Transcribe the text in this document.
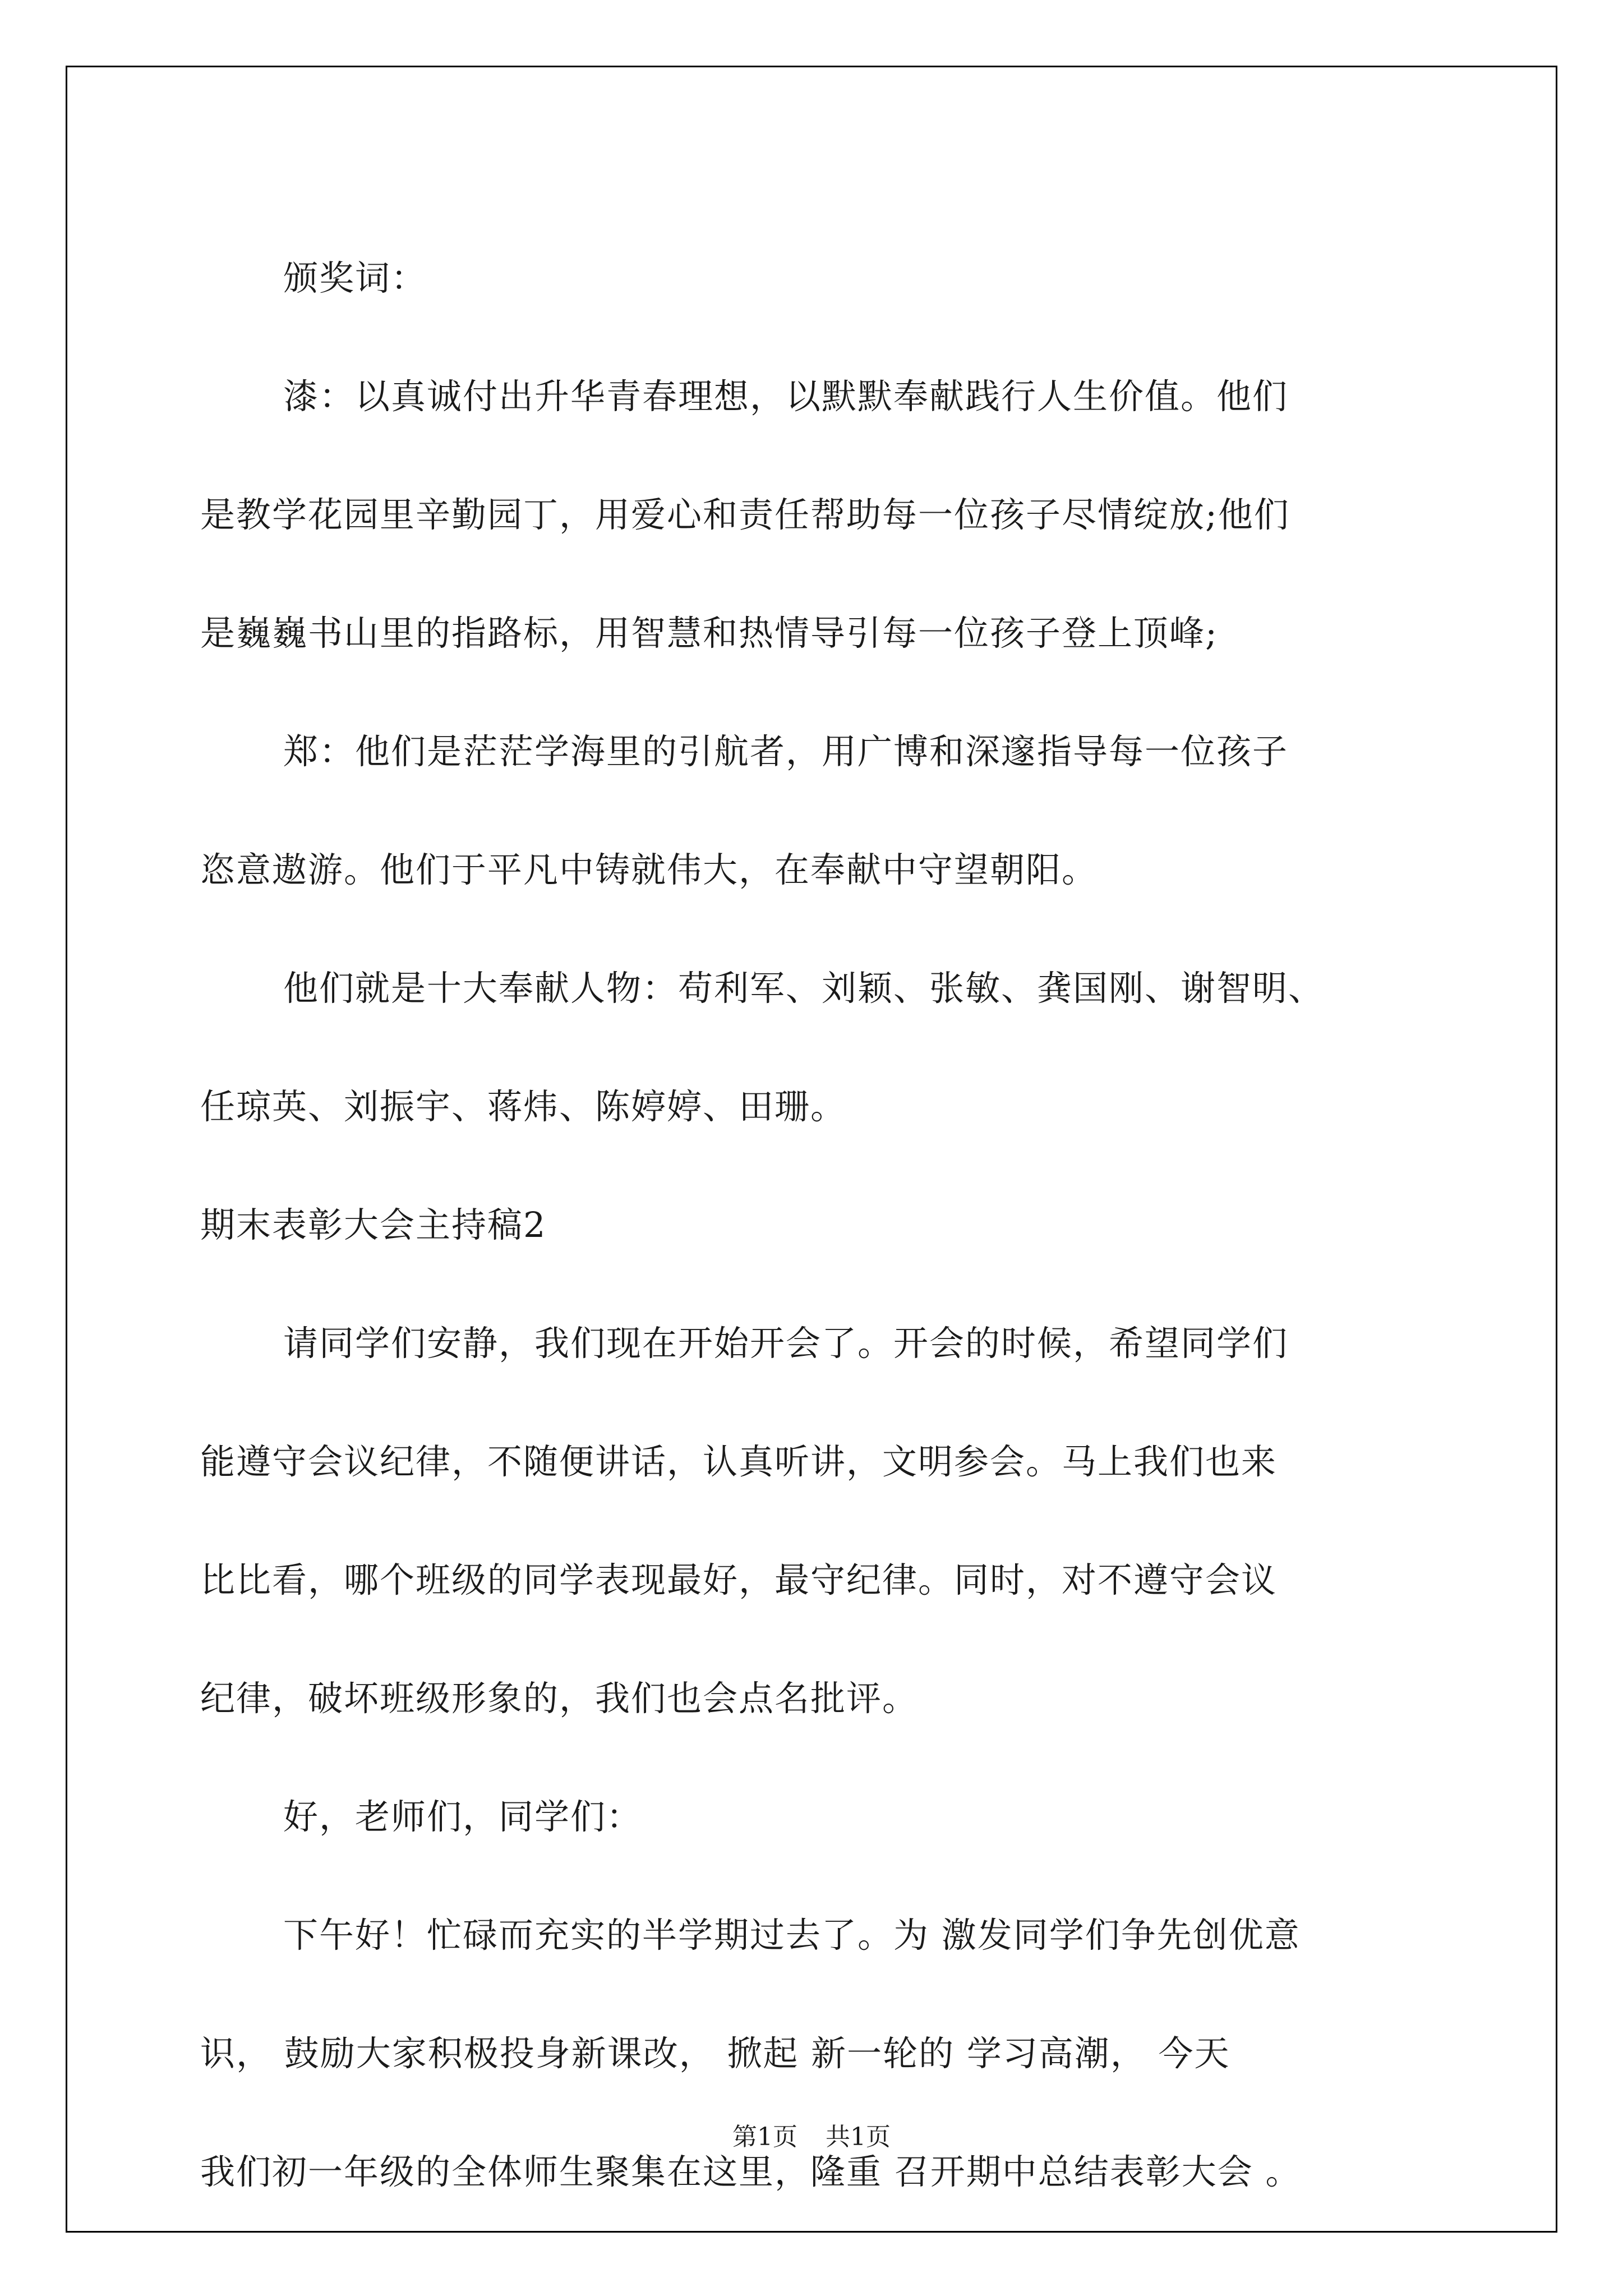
颁奖词：

漆：以真诚付出升华青春理想，以默默奉献践行人生价值。他们

是教学花园里辛勤园丁，用爱心和责任帮助每一位孩子尽情绽放;他们

是巍巍书山里的指路标，用智慧和热情导引每一位孩子登上顶峰;

郑：他们是茫茫学海里的引航者，用广博和深邃指导每一位孩子

恣意遨游。他们于平凡中铸就伟大，在奉献中守望朝阳。

他们就是十大奉献人物：苟利军、刘颖、张敏、龚国刚、谢智明、

任琼英、刘振宇、蒋炜、陈婷婷、田珊。

期末表彰大会主持稿2

请同学们安静，我们现在开始开会了。开会的时候，希望同学们

能遵守会议纪律，不随便讲话，认真听讲，文明参会。马上我们也来

比比看，哪个班级的同学表现最好，最守纪律。同时，对不遵守会议

纪律，破坏班级形象的，我们也会点名批评。

好，老师们，同学们：

下午好！忙碌而充实的半学期过去了。为 激发同学们争先创优意

识， 鼓励大家积极投身新课改， 掀起 新一轮的 学习高潮， 今天

我们初一年级的全体师生聚集在这里，隆重 召开期中总结表彰大会 。

第1页 共1页
